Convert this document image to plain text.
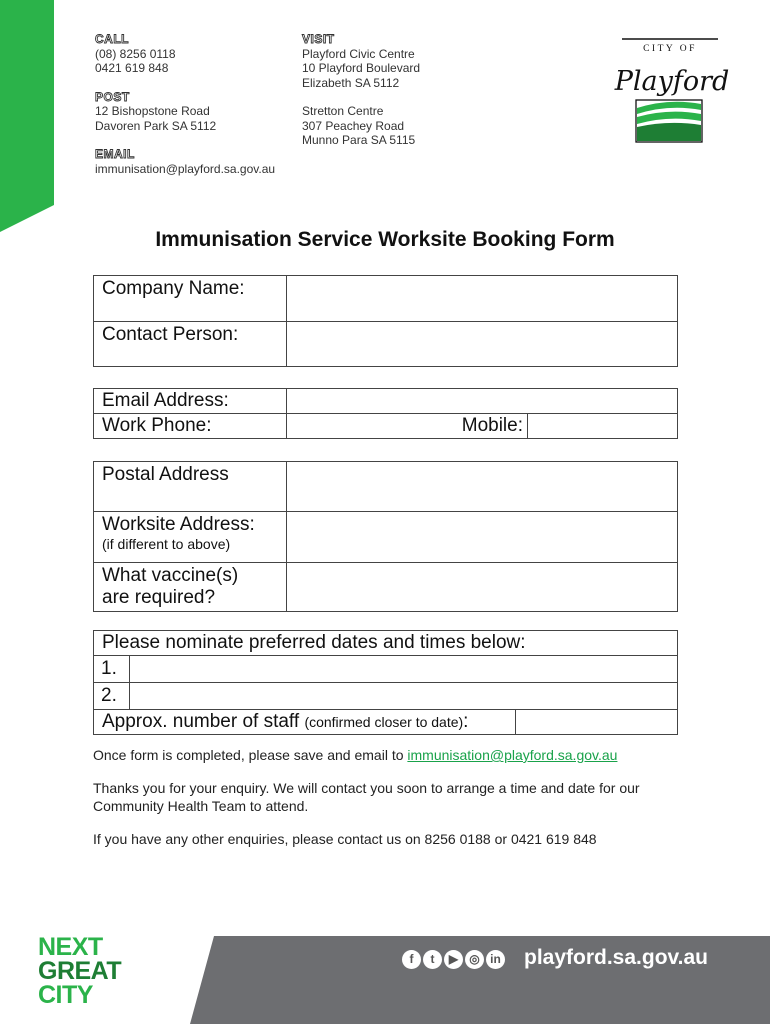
CALL
(08) 8256 0118
0421 619 848
POST
12 Bishopstone Road
Davoren Park SA 5112
EMAIL
immunisation@playford.sa.gov.au
VISIT
Playford Civic Centre
10 Playford Boulevard
Elizabeth SA 5112
Stretton Centre
307 Peachey Road
Munno Para SA 5115
CITY OF
Playford
Immunisation Service Worksite Booking Form
Company Name:	
Contact Person:	
Email Address:			
Work Phone:		Mobile:	
Postal Address	
Worksite Address:
(if different to above)	

What vaccine(s)
are required?	

Please nominate preferred dates and times below:		
1.		
2.		
Approx. number of staff (confirmed closer to date):		
Once form is completed, please save and email to immunisation@playford.sa.gov.au
Thanks you for your enquiry. We will contact you soon to arrange a time and date for our Community Health Team to attend.
If you have any other enquiries, please contact us on 8256 0188 or 0421 619 848
NEXT
GREAT
CITY
f t ▶ ◎ in playford.sa.gov.au
